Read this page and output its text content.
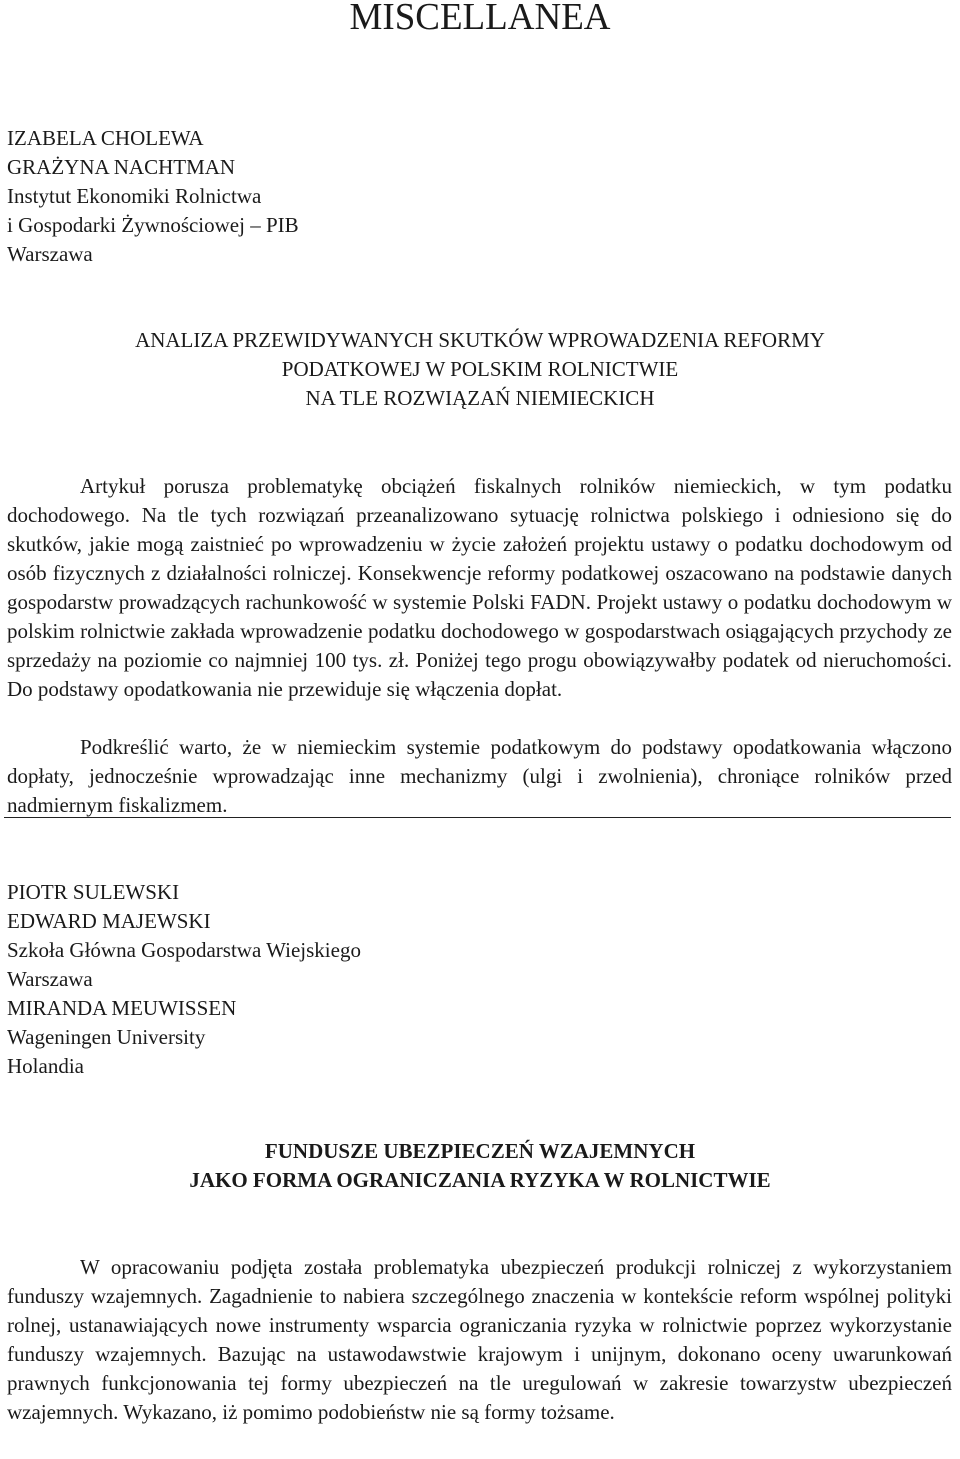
MISCELLANEA
IZABELA CHOLEWA
GRAŻYNA NACHTMAN
Instytut Ekonomiki Rolnictwa
i Gospodarki Żywnościowej – PIB
Warszawa
ANALIZA PRZEWIDYWANYCH SKUTKÓW WPROWADZENIA REFORMY
PODATKOWEJ W POLSKIM ROLNICTWIE
NA TLE ROZWIĄZAŃ NIEMIECKICH

Artykuł porusza problematykę obciążeń fiskalnych rolników niemieckich, w tym podatku dochodowego. Na tle tych rozwiązań przeanalizowano sytuację rolnictwa polskiego i odniesiono się do skutków, jakie mogą zaistnieć po wprowadzeniu w życie założeń projektu ustawy o podatku dochodowym od osób fizycznych z działalności rolniczej. Konsekwencje reformy podatkowej oszacowano na podstawie danych gospodarstw prowadzących rachunkowość w systemie Polski FADN. Projekt ustawy o podatku dochodowym w polskim rolnictwie zakłada wprowadzenie podatku dochodowego w gospodarstwach osiągających przychody ze sprzedaży na poziomie co najmniej 100 tys. zł. Poniżej tego progu obowiązywałby podatek od nieruchomości. Do podstawy opodatkowania nie przewiduje się włączenia dopłat.

Podkreślić warto, że w niemieckim systemie podatkowym do podstawy opodatkowania włączono dopłaty, jednocześnie wprowadzając inne mechanizmy (ulgi i zwolnienia), chroniące rolników przed nadmiernym fiskalizmem.

PIOTR SULEWSKI
EDWARD MAJEWSKI
Szkoła Główna Gospodarstwa Wiejskiego
Warszawa
MIRANDA MEUWISSEN
Wageningen University
Holandia
FUNDUSZE UBEZPIECZEŃ WZAJEMNYCH
JAKO FORMA OGRANICZANIA RYZYKA W ROLNICTWIE

W opracowaniu podjęta została problematyka ubezpieczeń produkcji rolniczej z wykorzystaniem funduszy wzajemnych. Zagadnienie to nabiera szczególnego znaczenia w kontekście reform wspólnej polityki rolnej, ustanawiających nowe instrumenty wsparcia ograniczania ryzyka w rolnictwie poprzez wykorzystanie funduszy wzajemnych. Bazując na ustawodawstwie krajowym i unijnym, dokonano oceny uwarunkowań prawnych funkcjonowania tej formy ubezpieczeń na tle uregulowań w zakresie towarzystw ubezpieczeń wzajemnych. Wykazano, iż pomimo podobieństw nie są formy tożsame.
